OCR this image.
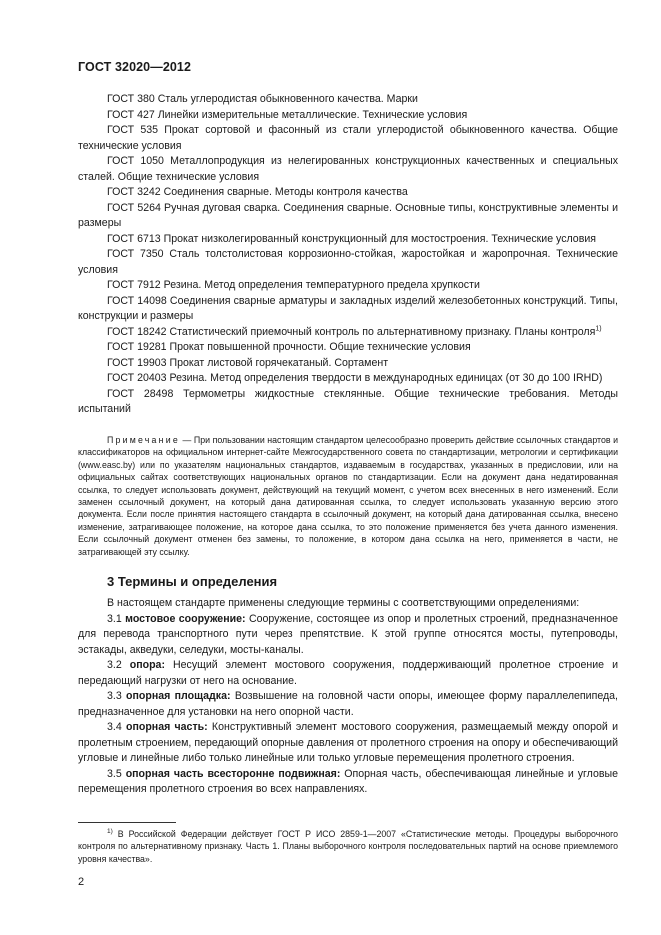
ГОСТ 32020—2012
ГОСТ 380 Сталь углеродистая обыкновенного качества. Марки
ГОСТ 427 Линейки измерительные металлические. Технические условия
ГОСТ 535 Прокат сортовой и фасонный из стали углеродистой обыкновенного качества. Общие технические условия
ГОСТ 1050 Металлопродукция из нелегированных конструкционных качественных и специальных сталей. Общие технические условия
ГОСТ 3242 Соединения сварные. Методы контроля качества
ГОСТ 5264 Ручная дуговая сварка. Соединения сварные. Основные типы, конструктивные элементы и размеры
ГОСТ 6713 Прокат низколегированный конструкционный для мостостроения. Технические условия
ГОСТ 7350 Сталь толстолистовая коррозионно-стойкая, жаростойкая и жаропрочная. Технические условия
ГОСТ 7912 Резина. Метод определения температурного предела хрупкости
ГОСТ 14098 Соединения сварные арматуры и закладных изделий железобетонных конструкций. Типы, конструкции и размеры
ГОСТ 18242 Статистический приемочный контроль по альтернативному признаку. Планы контроля$^{1)}$
ГОСТ 19281 Прокат повышенной прочности. Общие технические условия
ГОСТ 19903 Прокат листовой горячекатаный. Сортамент
ГОСТ 20403 Резина. Метод определения твердости в международных единицах (от 30 до 100 IRHD)
ГОСТ 28498 Термометры жидкостные стеклянные. Общие технические требования. Методы испытаний
Примечание — При пользовании настоящим стандартом целесообразно проверить действие ссылочных стандартов и классификаторов на официальном интернет-сайте Межгосударственного совета по стандартизации, метрологии и сертификации (www.easc.by) или по указателям национальных стандартов, издаваемым в государствах, указанных в предисловии, или на официальных сайтах соответствующих национальных органов по стандартизации. Если на документ дана недатированная ссылка, то следует использовать документ, действующий на текущий момент, с учетом всех внесенных в него изменений. Если заменен ссылочный документ, на который дана датированная ссылка, то следует использовать указанную версию этого документа. Если после принятия настоящего стандарта в ссылочный документ, на который дана датированная ссылка, внесено изменение, затрагивающее положение, на которое дана ссылка, то это положение применяется без учета данного изменения. Если ссылочный документ отменен без замены, то положение, в котором дана ссылка на него, применяется в части, не затрагивающей эту ссылку.
3 Термины и определения
В настоящем стандарте применены следующие термины с соответствующими определениями:
3.1 мостовое сооружение: Сооружение, состоящее из опор и пролетных строений, предназначенное для перевода транспортного пути через препятствие. К этой группе относятся мосты, путепроводы, эстакады, акведуки, селедуки, мосты-каналы.
3.2 опора: Несущий элемент мостового сооружения, поддерживающий пролетное строение и передающий нагрузки от него на основание.
3.3 опорная площадка: Возвышение на головной части опоры, имеющее форму параллелепипеда, предназначенное для установки на него опорной части.
3.4 опорная часть: Конструктивный элемент мостового сооружения, размещаемый между опорой и пролетным строением, передающий опорные давления от пролетного строения на опору и обеспечивающий угловые и линейные либо только линейные или только угловые перемещения пролетного строения.
3.5 опорная часть всесторонне подвижная: Опорная часть, обеспечивающая линейные и угловые перемещения пролетного строения во всех направлениях.
$^{1)}$ В Российской Федерации действует ГОСТ Р ИСО 2859-1—2007 «Статистические методы. Процедуры выборочного контроля по альтернативному признаку. Часть 1. Планы выборочного контроля последовательных партий на основе приемлемого уровня качества».
2
